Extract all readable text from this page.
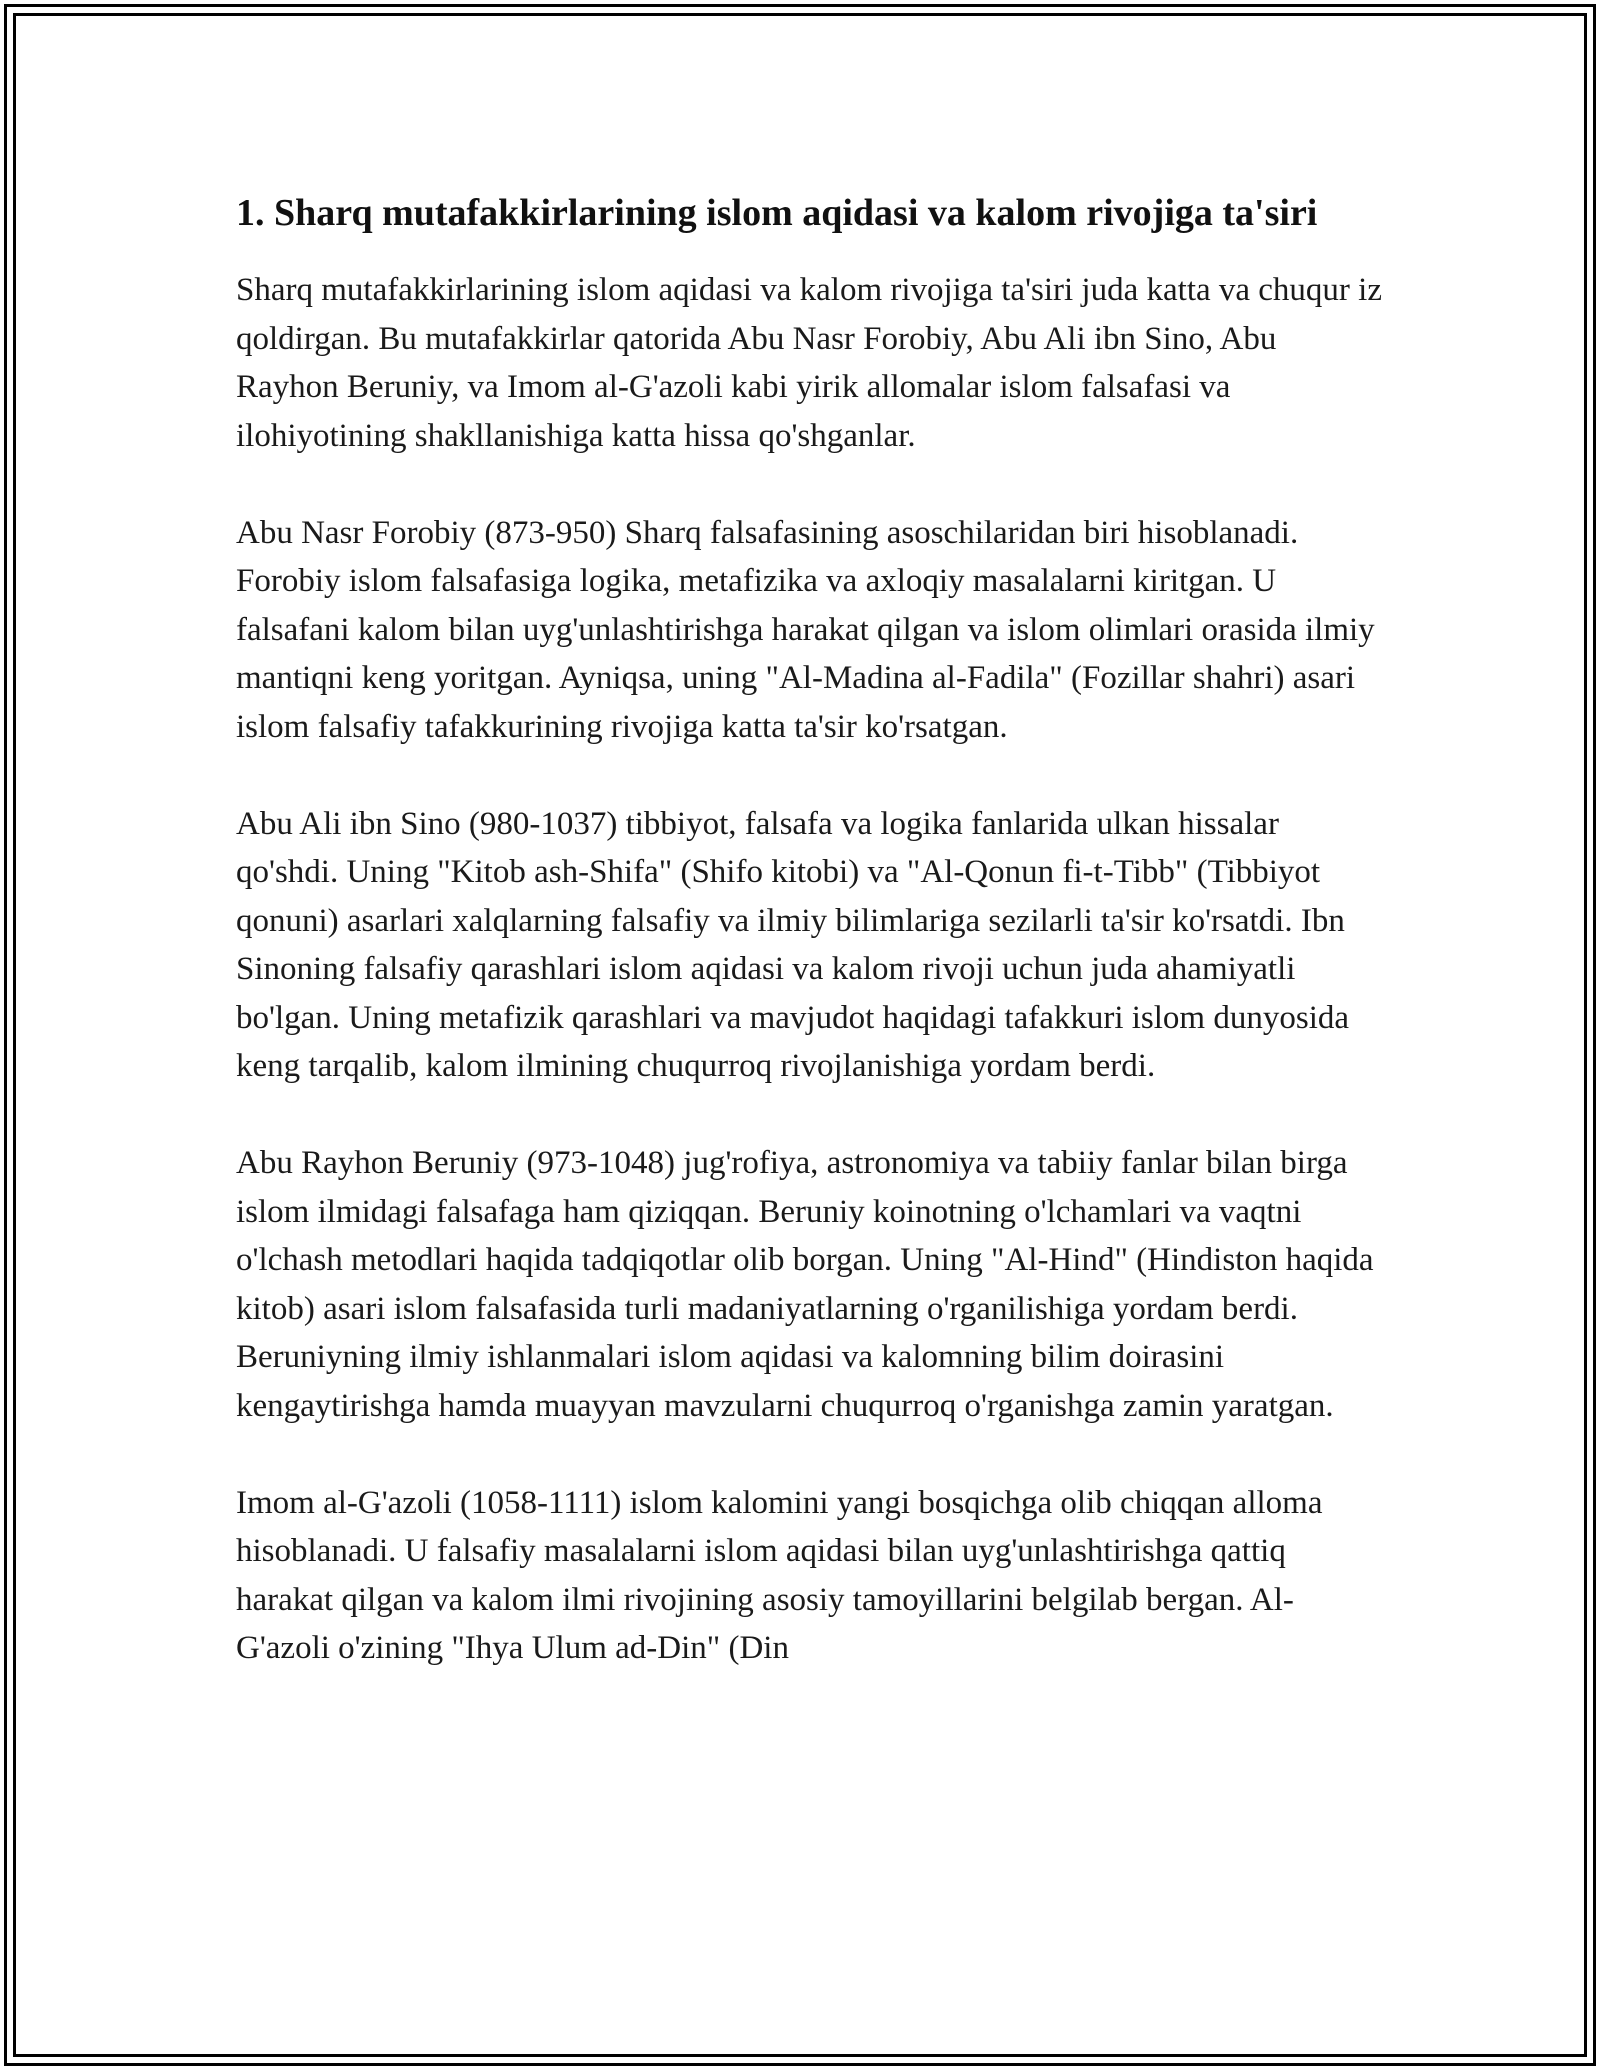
1. Sharq mutafakkirlarining islom aqidasi va kalom rivojiga ta'siri

Sharq mutafakkirlarining islom aqidasi va kalom rivojiga ta'siri juda katta va chuqur iz qoldirgan. Bu mutafakkirlar qatorida Abu Nasr Forobiy, Abu Ali ibn Sino, Abu Rayhon Beruniy, va Imom al-G'azoli kabi yirik allomalar islom falsafasi va ilohiyotining shakllanishiga katta hissa qo'shganlar.

Abu Nasr Forobiy (873-950) Sharq falsafasining asoschilaridan biri hisoblanadi. Forobiy islom falsafasiga logika, metafizika va axloqiy masalalarni kiritgan. U falsafani kalom bilan uyg'unlashtirishga harakat qilgan va islom olimlari orasida ilmiy mantiqni keng yoritgan. Ayniqsa, uning "Al-Madina al-Fadila" (Fozillar shahri) asari islom falsafiy tafakkurining rivojiga katta ta'sir ko'rsatgan.

Abu Ali ibn Sino (980-1037) tibbiyot, falsafa va logika fanlarida ulkan hissalar qo'shdi. Uning "Kitob ash-Shifa" (Shifo kitobi) va "Al-Qonun fi-t-Tibb" (Tibbiyot qonuni) asarlari xalqlarning falsafiy va ilmiy bilimlariga sezilarli ta'sir ko'rsatdi. Ibn Sinoning falsafiy qarashlari islom aqidasi va kalom rivoji uchun juda ahamiyatli bo'lgan. Uning metafizik qarashlari va mavjudot haqidagi tafakkuri islom dunyosida keng tarqalib, kalom ilmining chuqurroq rivojlanishiga yordam berdi.

Abu Rayhon Beruniy (973-1048) jug'rofiya, astronomiya va tabiiy fanlar bilan birga islom ilmidagi falsafaga ham qiziqqan. Beruniy koinotning o'lchamlari va vaqtni o'lchash metodlari haqida tadqiqotlar olib borgan. Uning "Al-Hind" (Hindiston haqida kitob) asari islom falsafasida turli madaniyatlarning o'rganilishiga yordam berdi. Beruniyning ilmiy ishlanmalari islom aqidasi va kalomning bilim doirasini kengaytirishga hamda muayyan mavzularni chuqurroq o'rganishga zamin yaratgan.

Imom al-G'azoli (1058-1111) islom kalomini yangi bosqichga olib chiqqan alloma hisoblanadi. U falsafiy masalalarni islom aqidasi bilan uyg'unlashtirishga qattiq harakat qilgan va kalom ilmi rivojining asosiy tamoyillarini belgilab bergan. Al-G'azoli o'zining "Ihya Ulum ad-Din" (Din
